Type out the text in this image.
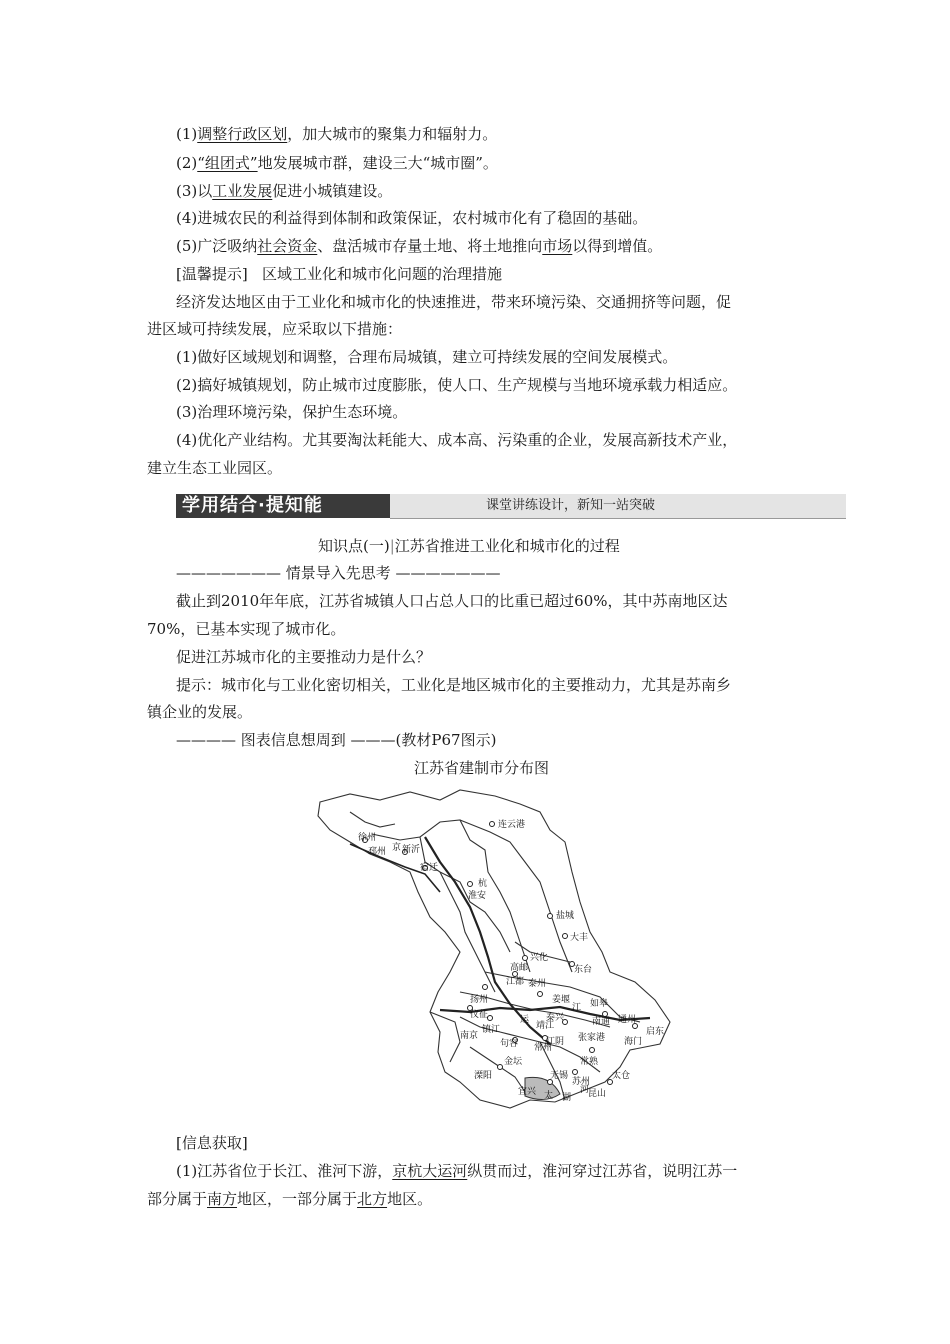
(1)调整行政区划，加大城市的聚集力和辐射力。
(2)“组团式”地发展城市群，建设三大“城市圈”。
(3)以工业发展促进小城镇建设。
(4)进城农民的利益得到体制和政策保证，农村城市化有了稳固的基础。
(5)广泛吸纳社会资金、盘活城市存量土地、将土地推向市场以得到增值。
[温馨提示] 区域工业化和城市化问题的治理措施
经济发达地区由于工业化和城市化的快速推进，带来环境污染、交通拥挤等问题，促
进区域可持续发展，应采取以下措施：
(1)做好区域规划和调整，合理布局城镇，建立可持续发展的空间发展模式。
(2)搞好城镇规划，防止城市过度膨胀，使人口、生产规模与当地环境承载力相适应。
(3)治理环境污染，保护生态环境。
(4)优化产业结构。尤其要淘汰耗能大、成本高、污染重的企业，发展高新技术产业，
建立生态工业园区。
学用结合·提知能	课堂讲练设计，新知一站突破
知识点(一)|江苏省推进工业化和城市化的过程
——————— 情景导入先思考 ———————
截止到2010年年底，江苏省城镇人口占总人口的比重已超过60%，其中苏南地区达
70%，已基本实现了城市化。
促进江苏城市化的主要推动力是什么？
提示：城市化与工业化密切相关，工业化是地区城市化的主要推动力，尤其是苏南乡
镇企业的发展。
———— 图表信息想周到 ———(教材P67图示)
江苏省建制市分布图
连云港
徐州
邳州 新沂
京
宿迁
淮安
盐城
大丰
兴化
东台
高邮
扬州
江都 泰州
仪征
如皋
南京
镇江
泰兴	南通 通州
启东
海门
句容 常州
张家港
江阴
金坛	常熟
溧阳	无锡	太仓
宜兴
苏州
昆山
太 湖
江
运
河
杭
靖江
姜堰
[信息获取]
(1)江苏省位于长江、淮河下游，京杭大运河纵贯而过，淮河穿过江苏省，说明江苏一
部分属于南方地区，一部分属于北方地区。
